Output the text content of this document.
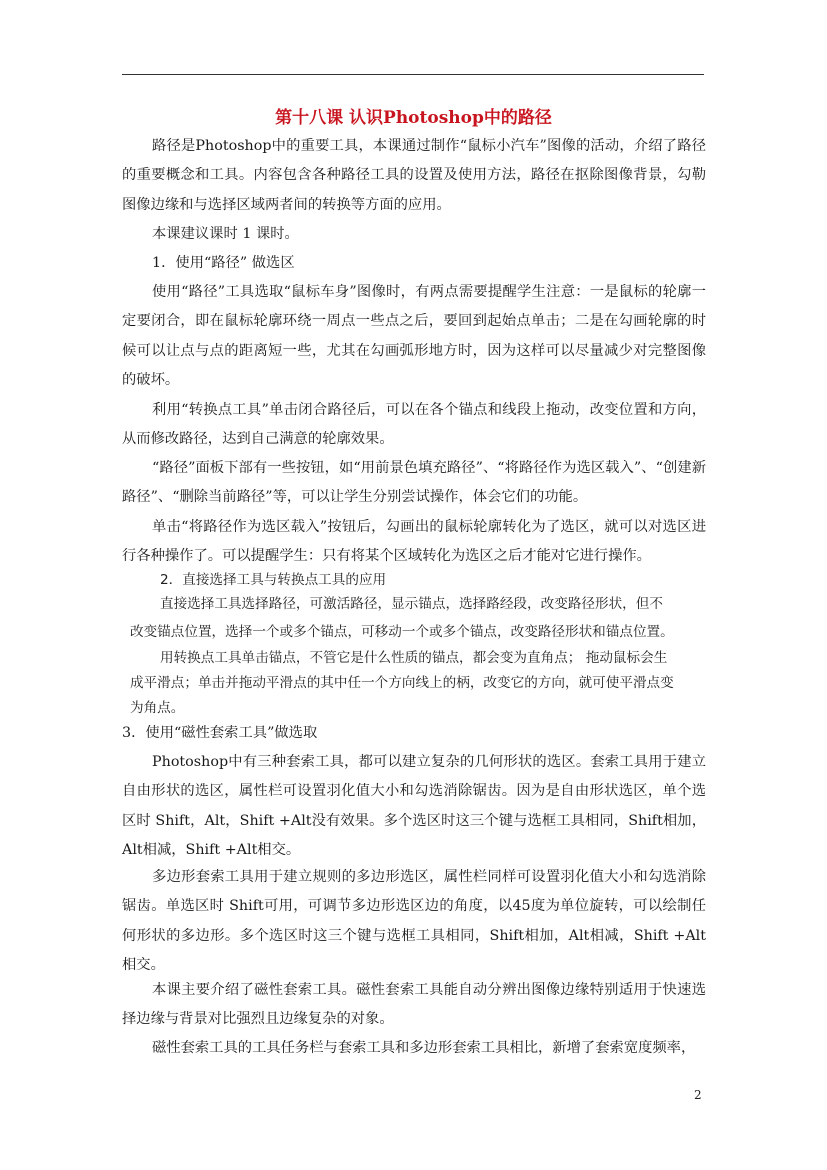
第十八课 认识Photoshop中的路径

路径是Photoshop中的重要工具，本课通过制作“鼠标小汽车”图像的活动，介绍了路径的重要概念和工具。内容包含各种路径工具的设置及使用方法，路径在抠除图像背景，勾勒图像边缘和与选择区域两者间的转换等方面的应用。

本课建议课时 1 课时。

1．使用“路径” 做选区

使用“路径”工具选取“鼠标车身”图像时，有两点需要提醒学生注意：一是鼠标的轮廓一定要闭合，即在鼠标轮廓环绕一周点一些点之后，要回到起始点单击；二是在勾画轮廓的时候可以让点与点的距离短一些，尤其在勾画弧形地方时，因为这样可以尽量减少对完整图像的破坏。

利用“转换点工具”单击闭合路径后，可以在各个锚点和线段上拖动，改变位置和方向，从而修改路径，达到自己满意的轮廓效果。

“路径”面板下部有一些按钮，如“用前景色填充路径”、“将路径作为选区载入”、“创建新路径”、“删除当前路径”等，可以让学生分别尝试操作，体会它们的功能。

单击“将路径作为选区载入”按钮后，勾画出的鼠标轮廓转化为了选区，就可以对选区进行各种操作了。可以提醒学生：只有将某个区域转化为选区之后才能对它进行操作。

2．直接选择工具与转换点工具的应用
直接选择工具选择路径，可激活路径，显示锚点，选择路经段，改变路径形状，但不
改变锚点位置，选择一个或多个锚点，可移动一个或多个锚点，改变路径形状和锚点位置。
用转换点工具单击锚点，不管它是什么性质的锚点，都会变为直角点； 拖动鼠标会生
成平滑点；单击并拖动平滑点的其中任一个方向线上的柄，改变它的方向，就可使平滑点变
为角点。

3．使用“磁性套索工具”做选取

Photoshop中有三种套索工具，都可以建立复杂的几何形状的选区。套索工具用于建立自由形状的选区，属性栏可设置羽化值大小和勾选消除锯齿。因为是自由形状选区，单个选区时 Shift，Alt，Shift +Alt没有效果。多个选区时这三个键与选框工具相同，Shift相加，Alt相减，Shift +Alt相交。

多边形套索工具用于建立规则的多边形选区，属性栏同样可设置羽化值大小和勾选消除锯齿。单选区时 Shift可用，可调节多边形选区边的角度，以45度为单位旋转，可以绘制任何形状的多边形。多个选区时这三个键与选框工具相同，Shift相加，Alt相减，Shift +Alt相交。

本课主要介绍了磁性套索工具。磁性套索工具能自动分辨出图像边缘特别适用于快速选择边缘与背景对比强烈且边缘复杂的对象。

磁性套索工具的工具任务栏与套索工具和多边形套索工具相比，新增了套索宽度频率，

2
